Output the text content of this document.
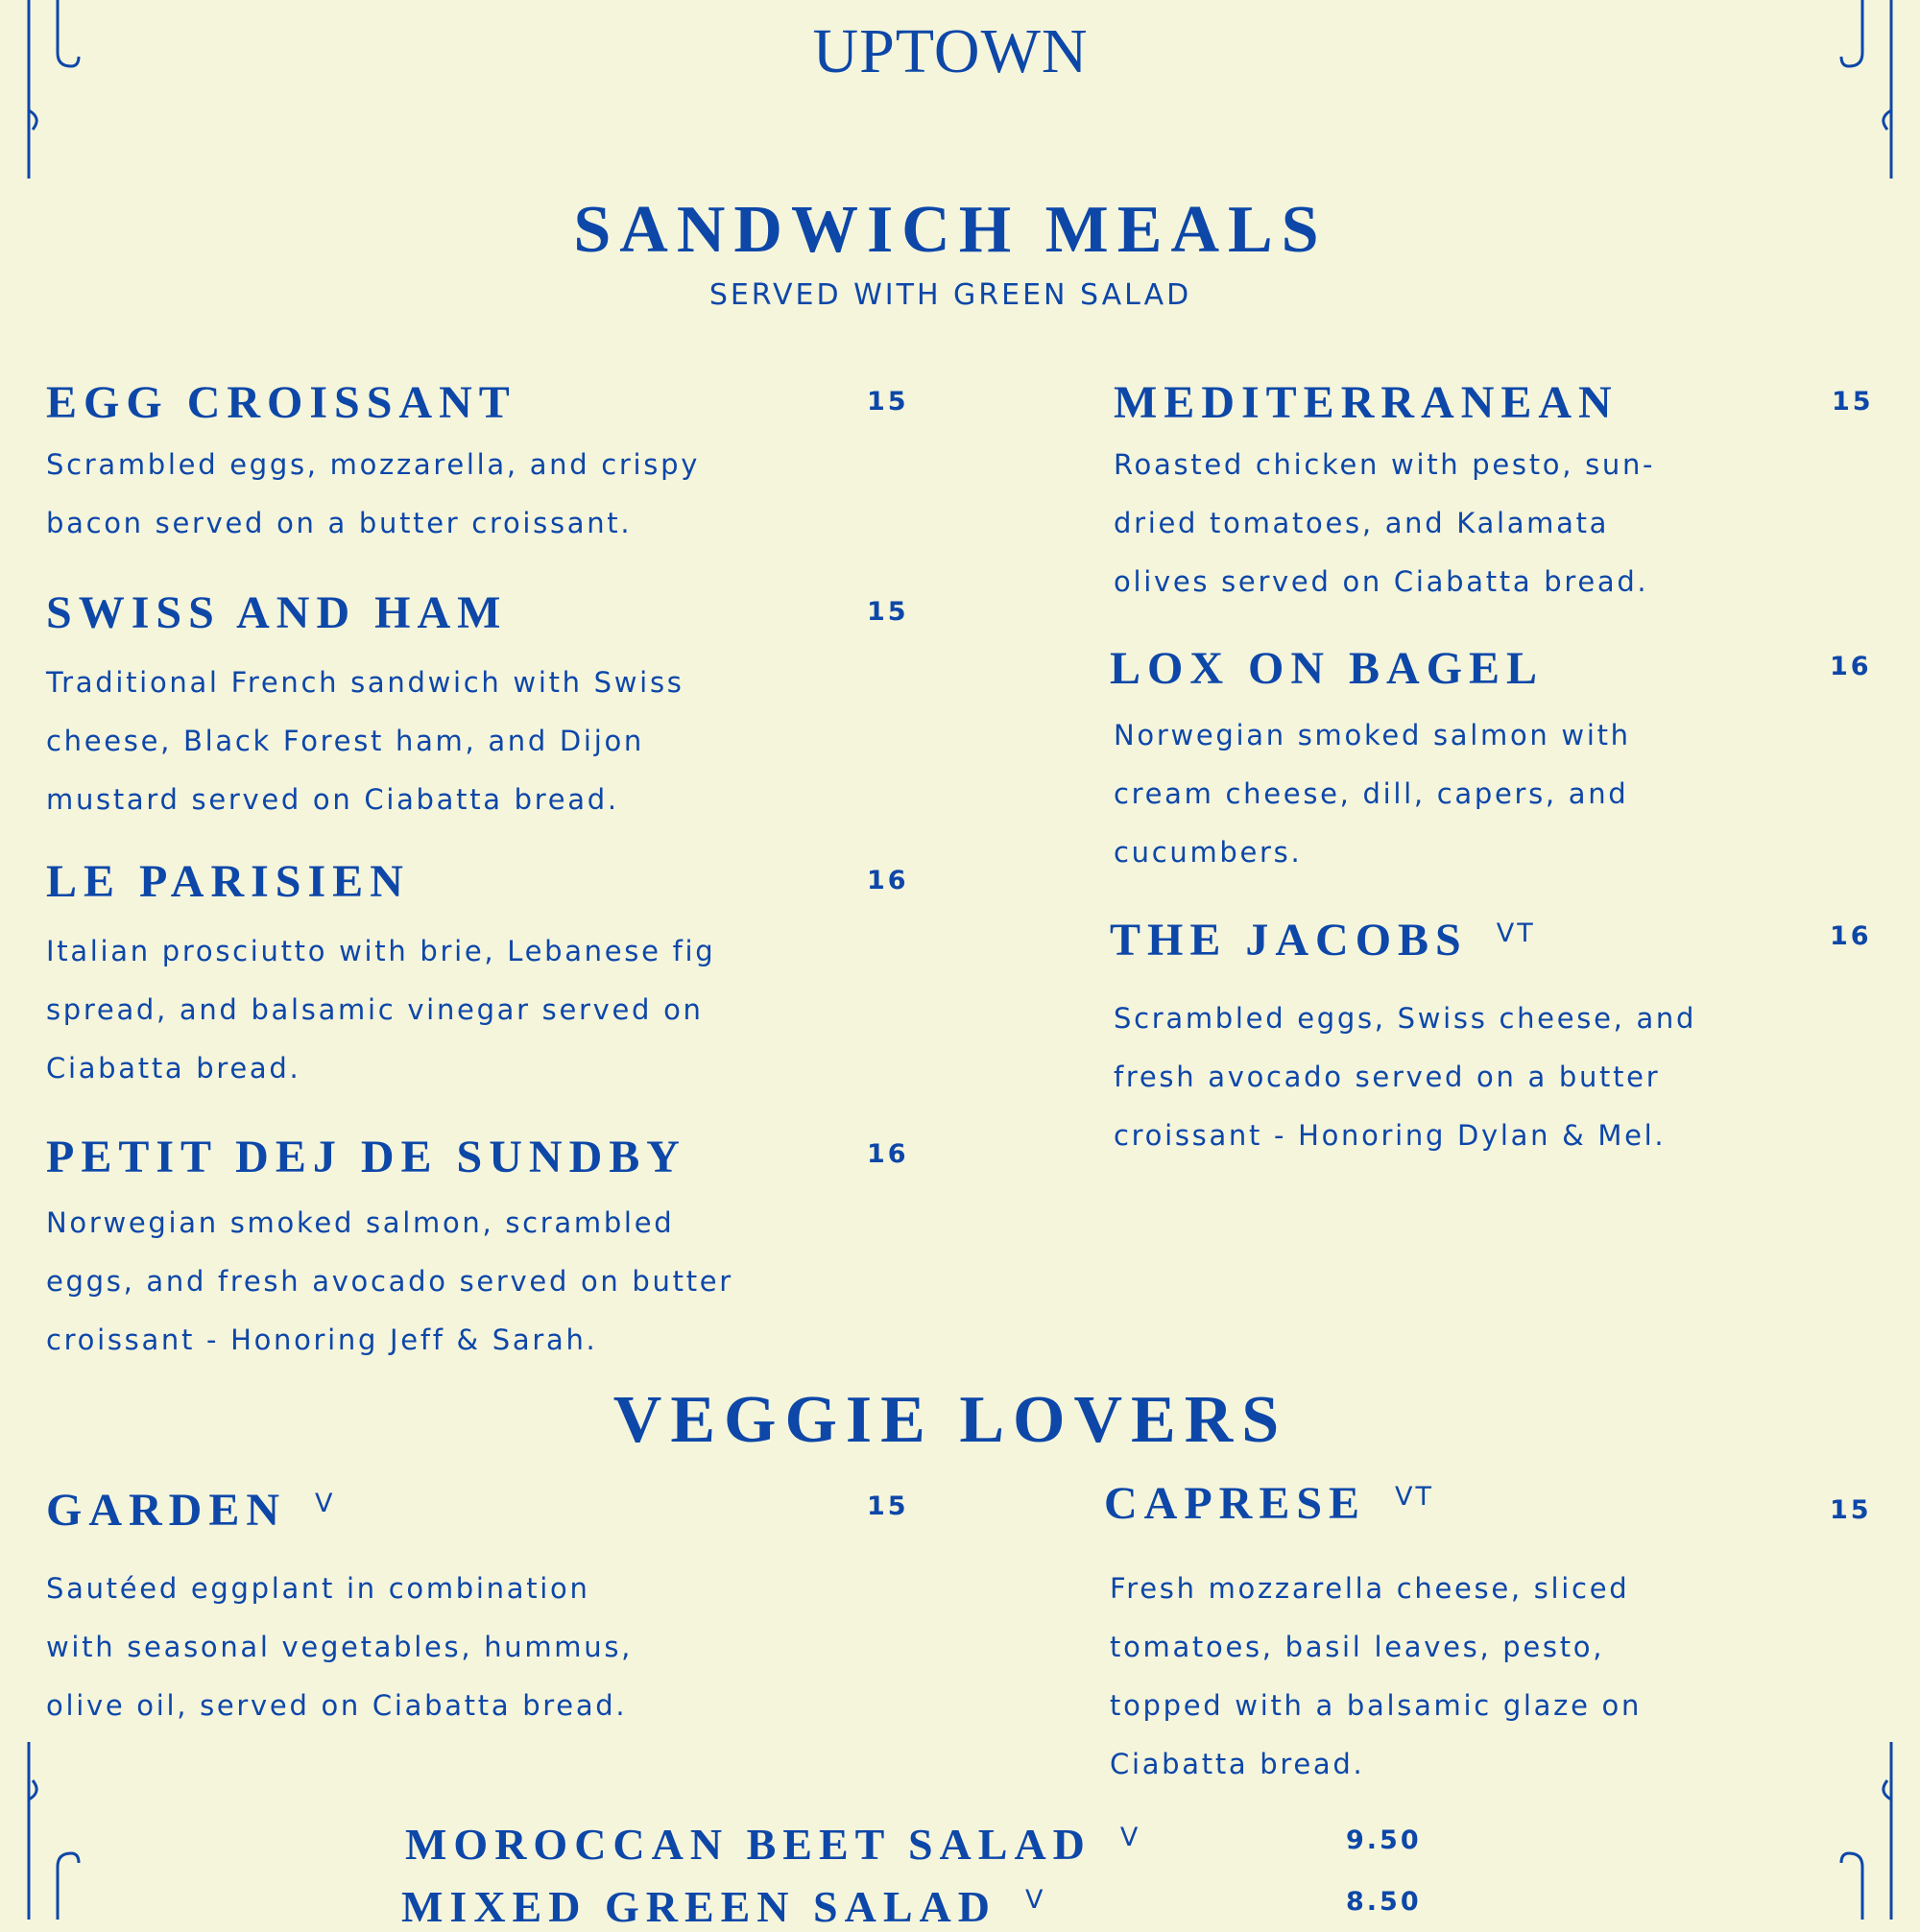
UPTOWN
SANDWICH MEALS
SERVED WITH GREEN SALAD
EGG CROISSANT	15
Scrambled eggs, mozzarella, and crispy
bacon served on a butter croissant.
SWISS AND HAM	15
Traditional French sandwich with Swiss
cheese, Black Forest ham, and Dijon
mustard served on Ciabatta bread.
LE PARISIEN	16
Italian prosciutto with brie, Lebanese fig
spread, and balsamic vinegar served on
Ciabatta bread.
PETIT DEJ DE SUNDBY	16
Norwegian smoked salmon, scrambled
eggs, and fresh avocado served on butter
croissant - Honoring Jeff & Sarah.
MEDITERRANEAN	15
Roasted chicken with pesto, sun-
dried tomatoes, and Kalamata
olives served on Ciabatta bread.
LOX ON BAGEL	16
Norwegian smoked salmon with
cream cheese, dill, capers, and
cucumbers.
THE JACOBS $^{VT}$	16
Scrambled eggs, Swiss cheese, and
fresh avocado served on a butter
croissant - Honoring Dylan & Mel.
VEGGIE LOVERS
GARDEN $^V$	15
Sautéed eggplant in combination
with seasonal vegetables, hummus,
olive oil, served on Ciabatta bread.
CAPRESE $^{VT}$	15
Fresh mozzarella cheese, sliced
tomatoes, basil leaves, pesto,
topped with a balsamic glaze on
Ciabatta bread.
MOROCCAN BEET SALAD $^V$	9.50
MIXED GREEN SALAD $^V$	8.50
